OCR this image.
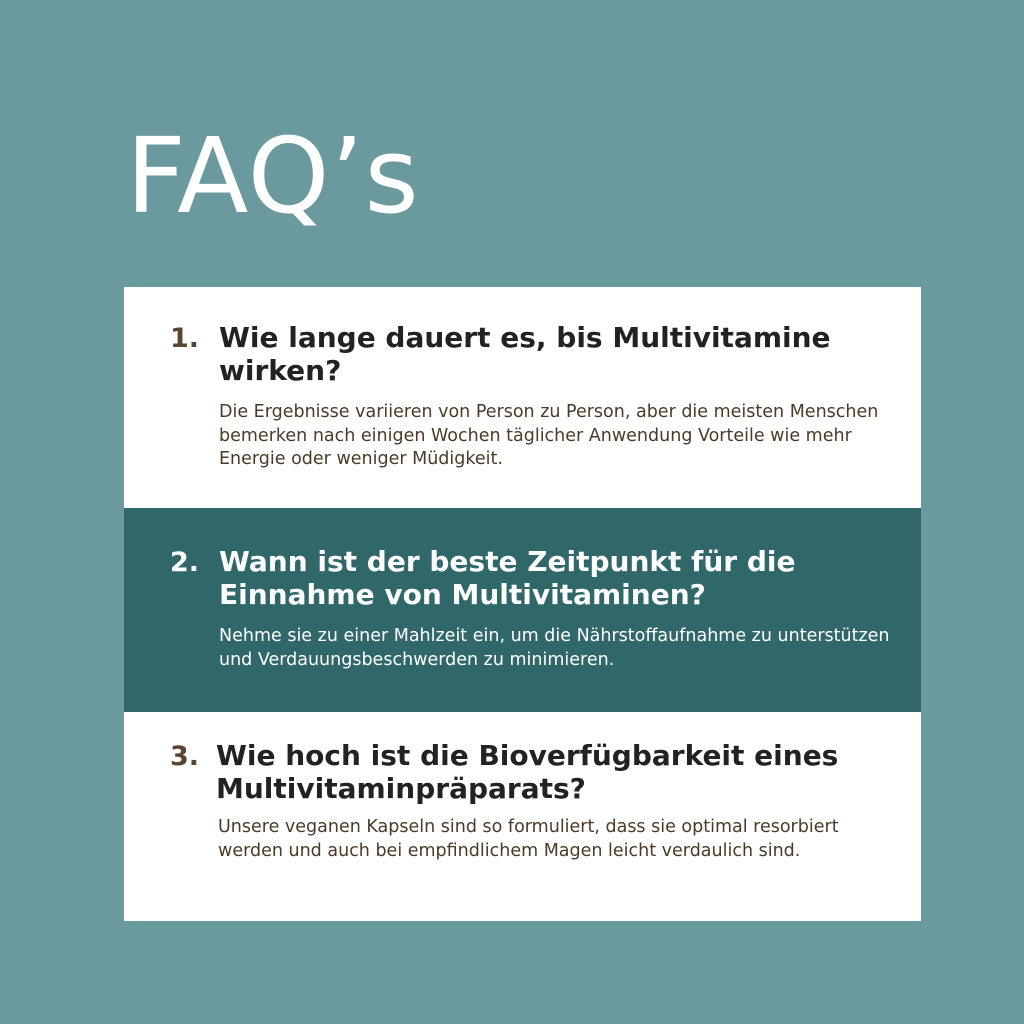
FAQ’s
1. Wie lange dauert es, bis Multivitamine wirken?

Die Ergebnisse variieren von Person zu Person, aber die meisten Menschen bemerken nach einigen Wochen täglicher Anwendung Vorteile wie mehr Energie oder weniger Müdigkeit.

2. Wann ist der beste Zeitpunkt für die Einnahme von Multivitaminen?

Nehme sie zu einer Mahlzeit ein, um die Nährstoffaufnahme zu unterstützen und Verdauungsbeschwerden zu minimieren.

3. Wie hoch ist die Bioverfügbarkeit eines Multivitaminpräparats?

Unsere veganen Kapseln sind so formuliert, dass sie optimal resorbiert werden und auch bei empfindlichem Magen leicht verdaulich sind.
